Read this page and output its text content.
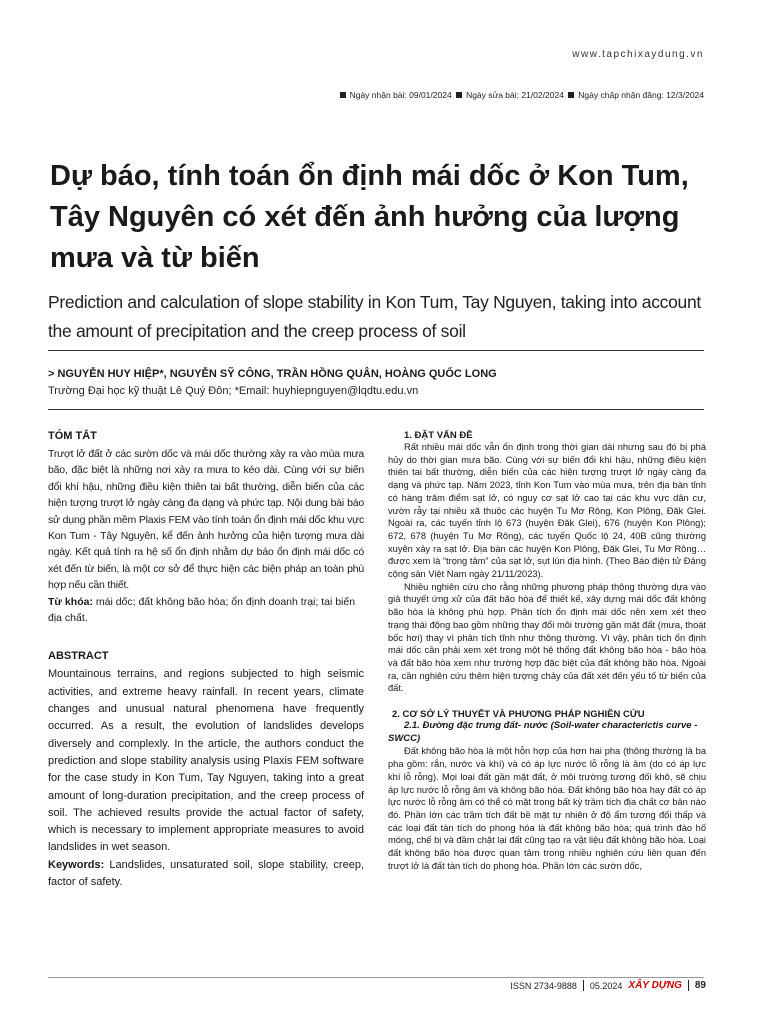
www.tapchixaydung.vn
Ngày nhận bài: 09/01/2024 Ngày sửa bài: 21/02/2024 Ngày chấp nhận đăng: 12/3/2024
Dự báo, tính toán ổn định mái dốc ở Kon Tum, Tây Nguyên có xét đến ảnh hưởng của lượng mưa và từ biến

Prediction and calculation of slope stability in Kon Tum, Tay Nguyen, taking into account the amount of precipitation and the creep process of soil

> NGUYỄN HUY HIỆP*, NGUYỄN SỸ CÔNG, TRẦN HỒNG QUÂN, HOÀNG QUỐC LONG
Trường Đại học kỹ thuật Lê Quý Đôn; *Email: huyhiepnguyen@lqdtu.edu.vn

TÓM TẮT

Trượt lở đất ở các sườn dốc và mái dốc thường xảy ra vào mùa mưa bão, đặc biệt là những nơi xảy ra mưa to kéo dài. Cùng với sự biến đổi khí hậu, những điều kiện thiên tai bất thường, diễn biến của các hiện tượng trượt lở ngày càng đa dạng và phức tạp. Nội dung bài báo sử dụng phần mềm Plaxis FEM vào tính toán ổn định mái dốc khu vực Kon Tum - Tây Nguyên, kể đến ảnh hưởng của hiện tượng mưa dài ngày. Kết quả tính ra hệ số ổn định nhằm dự báo ổn định mái dốc có xét đến từ biến, là một cơ sở để thực hiện các biện pháp an toàn phù hợp nếu cần thiết.

Từ khóa: mái dốc; đất không bão hòa; ổn định doanh trại; tai biến địa chất.

ABSTRACT

Mountainous terrains, and regions subjected to high seismic activities, and extreme heavy rainfall. In recent years, climate changes and unusual natural phenomena have frequently occurred. As a result, the evolution of landslides develops diversely and complexly. In the article, the authors conduct the prediction and slope stability analysis using Plaxis FEM software for the case study in Kon Tum, Tay Nguyen, taking into a great amount of long-duration precipitation, and the creep process of soil. The achieved results provide the actual factor of safety, which is necessary to implement appropriate measures to avoid landslides in wet season.

Keywords: Landslides, unsaturated soil, slope stability, creep, factor of safety.

1. ĐẶT VẤN ĐỀ

Rất nhiều mái dốc vẫn ổn định trong thời gian dài nhưng sau đó bị phá hủy do thời gian mưa bão. Cùng với sự biến đổi khí hậu, những điều kiện thiên tai bất thường, diễn biến của các hiện tượng trượt lở ngày càng đa dạng và phức tạp. Năm 2023, tỉnh Kon Tum vào mùa mưa, trên địa bàn tỉnh có hàng trăm điểm sạt lở, có nguy cơ sạt lở cao tại các khu vực dân cư, vườn rẫy tại nhiều xã thuộc các huyện Tu Mơ Rông, Kon Plông, Đăk Glei. Ngoài ra, các tuyến tỉnh lộ 673 (huyện Đăk Glei), 676 (huyện Kon Plông); 672, 678 (huyện Tu Mơ Rông), các tuyến Quốc lộ 24, 40B cũng thường xuyên xảy ra sạt lở. Địa bàn các huyện Kon Plông, Đăk Glei, Tu Mơ Rông… được xem là “trọng tâm” của sạt lở, sụt lún địa hình. (Theo Báo điện tử Đảng cộng sản Việt Nam ngày 21/11/2023).

Nhiều nghiên cứu cho rằng những phương pháp thông thường dựa vào giả thuyết ứng xử của đất bão hòa để thiết kế, xây dựng mái dốc đất không bão hòa là không phù hợp. Phân tích ổn định mái dốc nên xem xét theo trạng thái động bao gồm những thay đổi môi trường gần mặt đất (mưa, thoát bốc hơi) thay vì phân tích tĩnh như thông thường. Vì vậy, phân tích ổn định mái dốc cần phải xem xét trong một hệ thống đất không bão hòa - bão hòa và đất bão hòa xem như trường hợp đặc biệt của đất không bão hòa. Ngoài ra, cần nghiên cứu thêm hiện tượng chảy của đất xét đến yếu tố từ biến của đất.

2. CƠ SỞ LÝ THUYẾT VÀ PHƯƠNG PHÁP NGHIÊN CỨU

2.1. Đường đặc trưng đất- nước (Soil-water characterictis curve - SWCC)

Đất không bão hòa là một hỗn hợp của hơn hai pha (thông thường là ba pha gồm: rắn, nước và khí) và có áp lực nước lỗ rỗng là âm (do có áp lực khí lỗ rỗng). Mọi loại đất gần mặt đất, ở môi trường tương đối khô, sẽ chịu áp lực nước lỗ rỗng âm và không bão hòa. Đất không bão hòa hay đất có áp lực nước lỗ rỗng âm có thể có mặt trong bất kỳ trầm tích địa chất cơ bản nào đó. Phần lớn các trầm tích đất bề mặt tự nhiên ở độ ẩm tương đối thấp và các loại đất tàn tích do phong hóa là đất không bão hòa; quá trình đào hố móng, chế bị và đầm chặt lại đất cũng tạo ra vật liệu đất không bão hòa. Loại đất không bão hòa được quan tâm trong nhiều nghiên cứu liên quan đến trượt lở là đất tàn tích do phong hóa. Phần lớn các sườn dốc,

ISSN 2734-9888 05.2024 XÂY DỰNG 89
